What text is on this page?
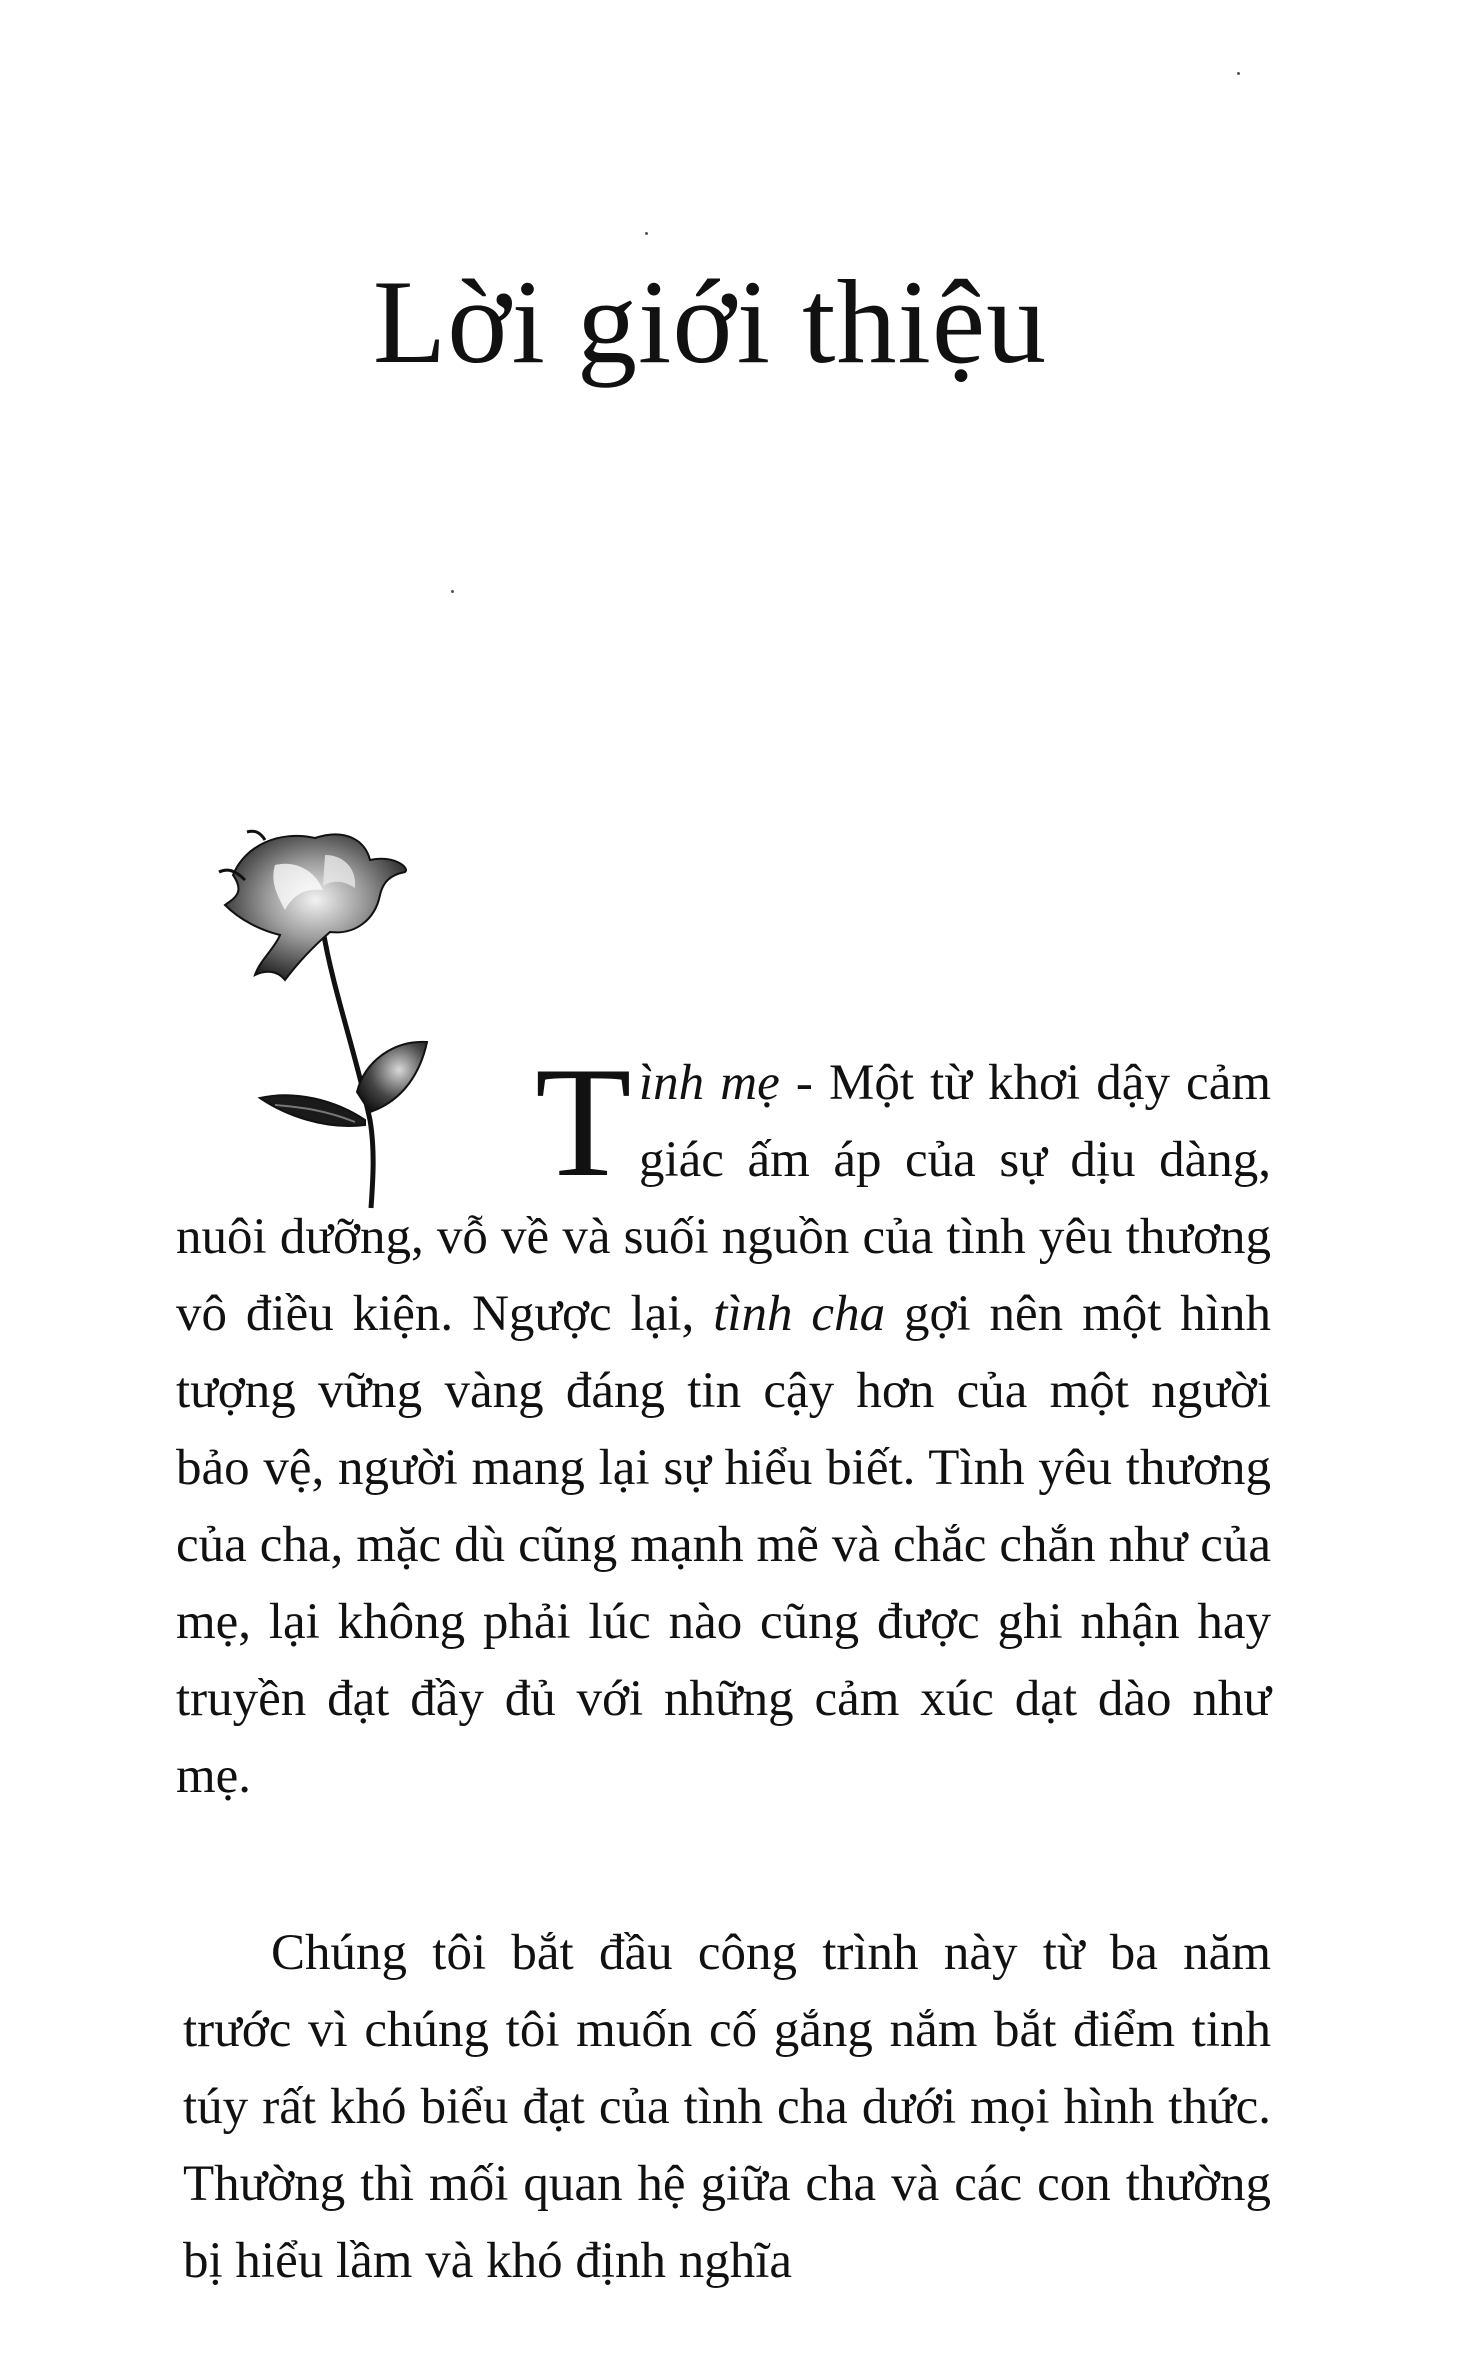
Lời giới thiệu
Tình mẹ - Một từ khơi dậy cảm giác ấm áp của sự dịu dàng, nuôi dưỡng, vỗ về và suối nguồn của tình yêu thương vô điều kiện. Ngược lại, tình cha gợi nên một hình tượng vững vàng đáng tin cậy hơn của một người bảo vệ, người mang lại sự hiểu biết. Tình yêu thương của cha, mặc dù cũng mạnh mẽ và chắc chắn như của mẹ, lại không phải lúc nào cũng được ghi nhận hay truyền đạt đầy đủ với những cảm xúc dạt dào như mẹ.
Chúng tôi bắt đầu công trình này từ ba năm trước vì chúng tôi muốn cố gắng nắm bắt điểm tinh túy rất khó biểu đạt của tình cha dưới mọi hình thức. Thường thì mối quan hệ giữa cha và các con thường bị hiểu lầm và khó định nghĩa
